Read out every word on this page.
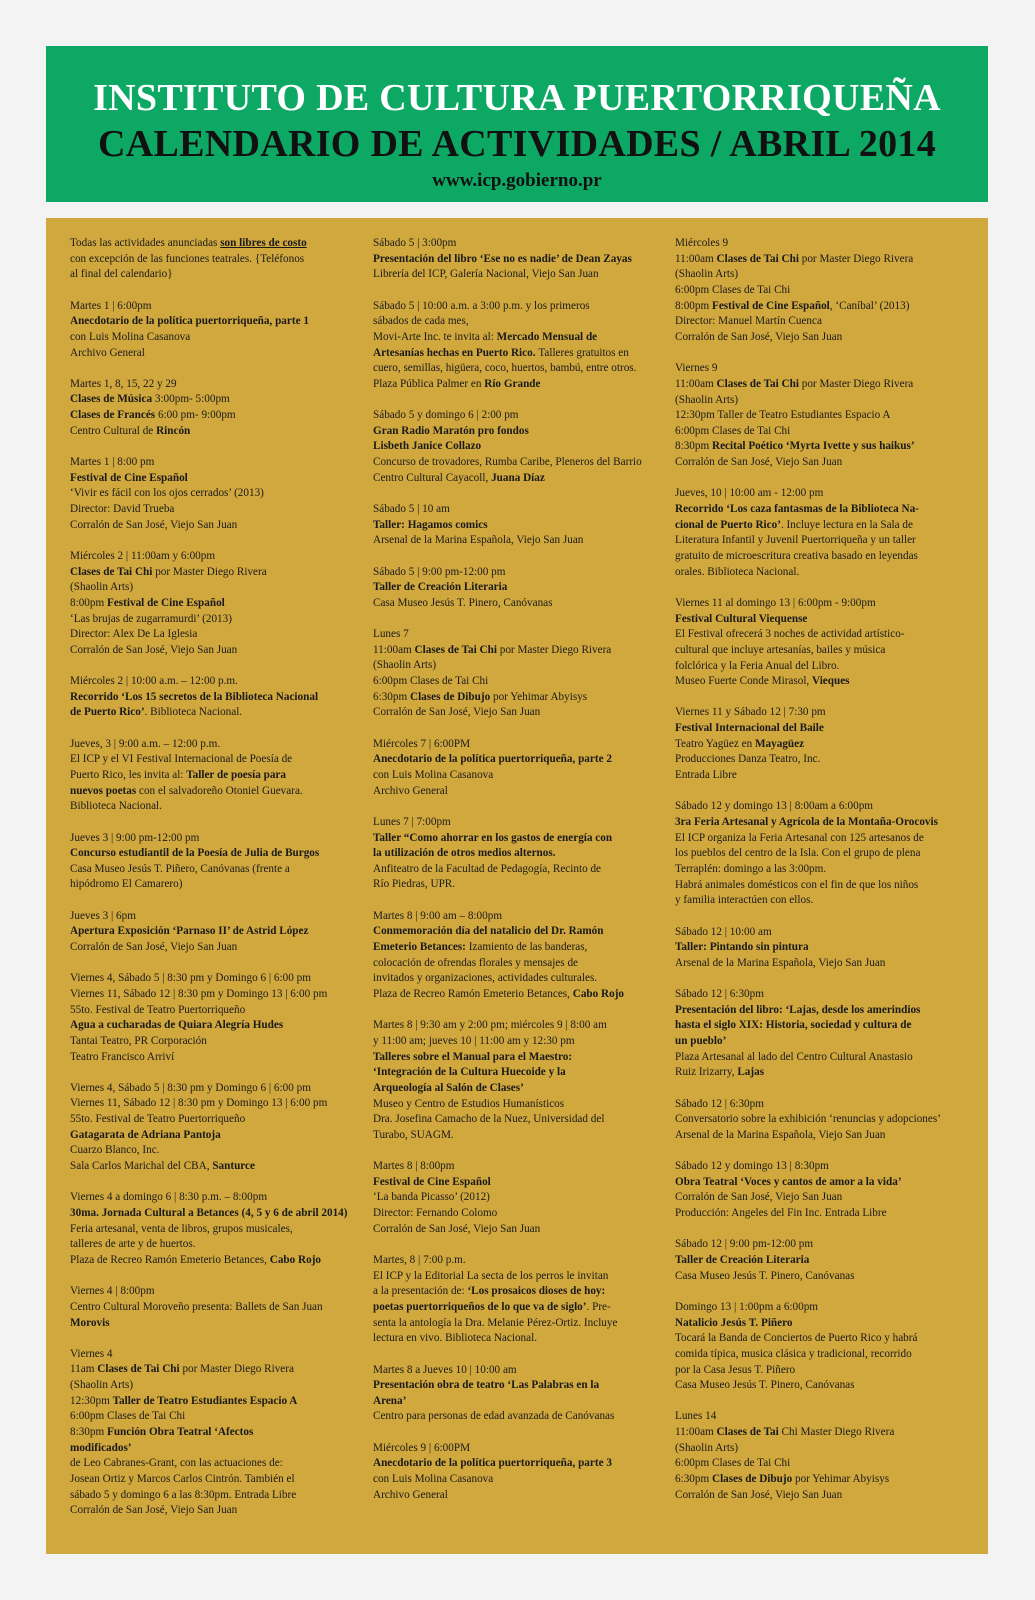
INSTITUTO DE CULTURA PUERTORRIQUEÑA
CALENDARIO DE ACTIVIDADES / ABRIL 2014
www.icp.gobierno.pr
Todas las actividades anunciadas son libres de costo
con excepción de las funciones teatrales. {Teléfonos
al final del calendario}
Martes 1 | 6:00pm
Anecdotario de la política puertorriqueña, parte 1
con Luis Molina Casanova
Archivo General
Martes 1, 8, 15, 22 y 29
Clases de Música 3:00pm- 5:00pm
Clases de Francés 6:00 pm- 9:00pm
Centro Cultural de Rincón
Martes 1 | 8:00 pm
Festival de Cine Español
‘Vivir es fácil con los ojos cerrados’ (2013)
Director: David Trueba
Corralón de San José, Viejo San Juan
Miércoles 2 | 11:00am y 6:00pm
Clases de Tai Chi por Master Diego Rivera
(Shaolin Arts)
8:00pm Festival de Cine Español
‘Las brujas de zugarramurdi’ (2013)
Director: Alex De La Iglesia
Corralón de San José, Viejo San Juan
Miércoles 2 | 10:00 a.m. – 12:00 p.m.
Recorrido ‘Los 15 secretos de la Biblioteca Nacional
de Puerto Rico’. Biblioteca Nacional.
Jueves, 3 | 9:00 a.m. – 12:00 p.m.
El ICP y el VI Festival Internacional de Poesía de
Puerto Rico, les invita al: Taller de poesía para
nuevos poetas con el salvadoreño Otoniel Guevara.
Biblioteca Nacional.
Jueves 3 | 9:00 pm-12:00 pm
Concurso estudiantil de la Poesía de Julia de Burgos
Casa Museo Jesús T. Piñero, Canóvanas (frente a
hipódromo El Camarero)
Jueves 3 | 6pm
Apertura Exposición ‘Parnaso II’ de Astrid López
Corralón de San José, Viejo San Juan
Viernes 4, Sábado 5 | 8:30 pm y Domingo 6 | 6:00 pm
Viernes 11, Sábado 12 | 8:30 pm y Domingo 13 | 6:00 pm
55to. Festival de Teatro Puertorriqueño
Agua a cucharadas de Quiara Alegría Hudes
Tantai Teatro, PR Corporación
Teatro Francisco Arriví
Viernes 4, Sábado 5 | 8:30 pm y Domingo 6 | 6:00 pm
Viernes 11, Sábado 12 | 8:30 pm y Domingo 13 | 6:00 pm
55to. Festival de Teatro Puertorriqueño
Gatagarata de Adriana Pantoja
Cuarzo Blanco, Inc.
Sala Carlos Marichal del CBA, Santurce
Viernes 4 a domingo 6 | 8:30 p.m. – 8:00pm
30ma. Jornada Cultural a Betances (4, 5 y 6 de abril 2014)
Feria artesanal, venta de libros, grupos musicales,
talleres de arte y de huertos.
Plaza de Recreo Ramón Emeterio Betances, Cabo Rojo
Viernes 4 | 8:00pm
Centro Cultural Moroveño presenta: Ballets de San Juan
Morovis
Viernes 4
11am Clases de Tai Chi por Master Diego Rivera
(Shaolin Arts)
12:30pm Taller de Teatro Estudiantes Espacio A
6:00pm Clases de Tai Chi
8:30pm Función Obra Teatral ‘Afectos
modificados’
de Leo Cabranes-Grant, con las actuaciones de:
Josean Ortiz y Marcos Carlos Cintrón. También el
sábado 5 y domingo 6 a las 8:30pm. Entrada Libre
Corralón de San José, Viejo San Juan
Sábado 5 | 3:00pm
Presentación del libro ‘Ese no es nadie’ de Dean Zayas
Librería del ICP, Galería Nacional, Viejo San Juan
Sábado 5 | 10:00 a.m. a 3:00 p.m. y los primeros
sábados de cada mes,
Movi-Arte Inc. te invita al: Mercado Mensual de
Artesanías hechas en Puerto Rico. Talleres gratuitos en
cuero, semillas, higüera, coco, huertos, bambú, entre otros.
Plaza Pública Palmer en Río Grande
Sábado 5 y domingo 6 | 2:00 pm
Gran Radio Maratón pro fondos
Lisbeth Janice Collazo
Concurso de trovadores, Rumba Caribe, Pleneros del Barrio
Centro Cultural Cayacoll, Juana Díaz
Sábado 5 | 10 am
Taller: Hagamos comics
Arsenal de la Marina Española, Viejo San Juan
Sábado 5 | 9:00 pm-12:00 pm
Taller de Creación Literaria
Casa Museo Jesús T. Pinero, Canóvanas
Lunes 7
11:00am Clases de Tai Chi por Master Diego Rivera
(Shaolin Arts)
6:00pm Clases de Tai Chi
6:30pm Clases de Dibujo por Yehimar Abyisys
Corralón de San José, Viejo San Juan
Miércoles 7 | 6:00PM
Anecdotario de la política puertorriqueña, parte 2
con Luis Molina Casanova
Archivo General
Lunes 7 | 7:00pm
Taller “Como ahorrar en los gastos de energía con
la utilización de otros medios alternos.
Anfiteatro de la Facultad de Pedagogía, Recinto de
Río Piedras, UPR.
Martes 8 | 9:00 am – 8:00pm
Conmemoración día del natalicio del Dr. Ramón
Emeterio Betances: Izamiento de las banderas,
colocación de ofrendas florales y mensajes de
invitados y organizaciones, actividades culturales.
Plaza de Recreo Ramón Emeterio Betances, Cabo Rojo
Martes 8 | 9:30 am y 2:00 pm; miércoles 9 | 8:00 am
y 11:00 am; jueves 10 | 11:00 am y 12:30 pm
Talleres sobre el Manual para el Maestro:
‘Integración de la Cultura Huecoide y la
Arqueología al Salón de Clases’
Museo y Centro de Estudios Humanísticos
Dra. Josefina Camacho de la Nuez, Universidad del
Turabo, SUAGM.
Martes 8 | 8:00pm
Festival de Cine Español
‘La banda Picasso’ (2012)
Director: Fernando Colomo
Corralón de San José, Viejo San Juan
Martes, 8 | 7:00 p.m.
El ICP y la Editorial La secta de los perros le invitan
a la presentación de: ‘Los prosaicos dioses de hoy:
poetas puertorriqueños de lo que va de siglo’. Pre-
senta la antología la Dra. Melanie Pérez-Ortiz. Incluye
lectura en vivo. Biblioteca Nacional.
Martes 8 a Jueves 10 | 10:00 am
Presentación obra de teatro ‘Las Palabras en la
Arena’
Centro para personas de edad avanzada de Canóvanas
Miércoles 9 | 6:00PM
Anecdotario de la política puertorriqueña, parte 3
con Luis Molina Casanova
Archivo General
Miércoles 9
11:00am Clases de Tai Chi por Master Diego Rivera
(Shaolin Arts)
6:00pm Clases de Tai Chi
8:00pm Festival de Cine Español, ‘Caníbal’ (2013)
Director: Manuel Martín Cuenca
Corralón de San José, Viejo San Juan
Viernes 9
11:00am Clases de Tai Chi por Master Diego Rivera
(Shaolin Arts)
12:30pm Taller de Teatro Estudiantes Espacio A
6:00pm Clases de Tai Chi
8:30pm Recital Poético ‘Myrta Ivette y sus haikus’
Corralón de San José, Viejo San Juan
Jueves, 10 | 10:00 am - 12:00 pm
Recorrido ‘Los caza fantasmas de la Biblioteca Na-
cional de Puerto Rico’. Incluye lectura en la Sala de
Literatura Infantil y Juvenil Puertorriqueña y un taller
gratuito de microescritura creativa basado en leyendas
orales. Biblioteca Nacional.
Viernes 11 al domingo 13 | 6:00pm - 9:00pm
Festival Cultural Viequense
El Festival ofrecerá 3 noches de actividad artístico-
cultural que incluye artesanías, bailes y música
folclórica y la Feria Anual del Libro.
Museo Fuerte Conde Mirasol, Vieques
Viernes 11 y Sábado 12 | 7:30 pm
Festival Internacional del Baile
Teatro Yagüez en Mayagüez
Producciones Danza Teatro, Inc.
Entrada Libre
Sábado 12 y domingo 13 | 8:00am a 6:00pm
3ra Feria Artesanal y Agrícola de la Montaña-Orocovis
El ICP organiza la Feria Artesanal con 125 artesanos de
los pueblos del centro de la Isla. Con el grupo de plena
Terraplén: domingo a las 3:00pm.
Habrá animales domésticos con el fin de que los niños
y familia interactúen con ellos.
Sábado 12 | 10:00 am
Taller: Pintando sin pintura
Arsenal de la Marina Española, Viejo San Juan
Sábado 12 | 6:30pm
Presentación del libro: ‘Lajas, desde los amerindios
hasta el siglo XIX: Historia, sociedad y cultura de
un pueblo’
Plaza Artesanal al lado del Centro Cultural Anastasio
Ruiz Irizarry, Lajas
Sábado 12 | 6:30pm
Conversatorio sobre la exhibición ‘renuncias y adopciones’
Arsenal de la Marina Española, Viejo San Juan
Sábado 12 y domingo 13 | 8:30pm
Obra Teatral ‘Voces y cantos de amor a la vida’
Corralón de San José, Viejo San Juan
Producción: Angeles del Fin Inc. Entrada Libre
Sábado 12 | 9:00 pm-12:00 pm
Taller de Creación Literaria
Casa Museo Jesús T. Pinero, Canóvanas
Domingo 13 | 1:00pm a 6:00pm
Natalicio Jesús T. Piñero
Tocará la Banda de Conciertos de Puerto Rico y habrá
comida típica, musica clásica y tradicional, recorrido
por la Casa Jesus T. Piñero
Casa Museo Jesús T. Pinero, Canóvanas
Lunes 14
11:00am Clases de Tai Chi Master Diego Rivera
(Shaolin Arts)
6:00pm Clases de Tai Chi
6:30pm Clases de Dibujo por Yehimar Abyisys
Corralón de San José, Viejo San Juan
